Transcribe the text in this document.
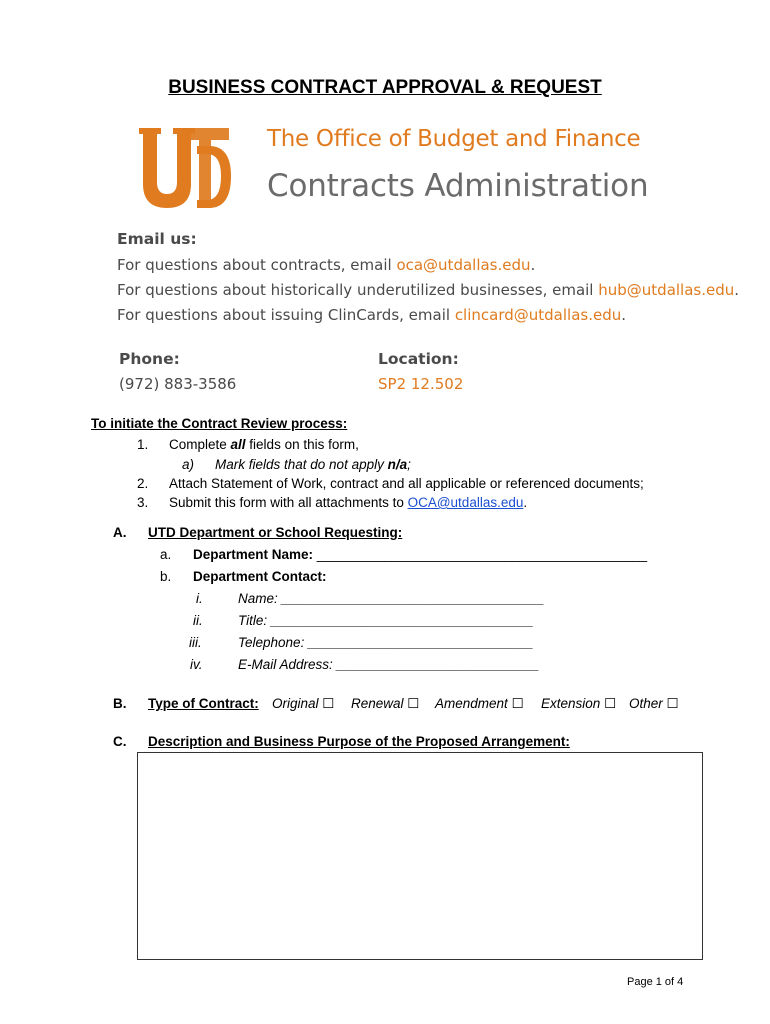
BUSINESS CONTRACT APPROVAL & REQUEST
The Office of Budget and Finance
Contracts Administration
Email us:
For questions about contracts, email oca@utdallas.edu.
For questions about historically underutilized businesses, email hub@utdallas.edu.
For questions about issuing ClinCards, email clincard@utdallas.edu.
Phone:
(972) 883-3586
Location:
SP2 12.502
To initiate the Contract Review process:
1. Complete all fields on this form,
a) Mark fields that do not apply n/a;
2. Attach Statement of Work, contract and all applicable or referenced documents;
3. Submit this form with all attachments to OCA@utdallas.edu.
A. UTD Department or School Requesting:
a. Department Name: ____________________________________________
b. Department Contact:
i.	Name: ___________________________________
ii.	Title: ___________________________________
iii.	Telephone: ______________________________
iv.	E-Mail Address: ___________________________
B. Type of Contract: Original ☐ Renewal ☐ Amendment ☐ Extension ☐ Other ☐
C. Description and Business Purpose of the Proposed Arrangement:
Page 1 of 4
